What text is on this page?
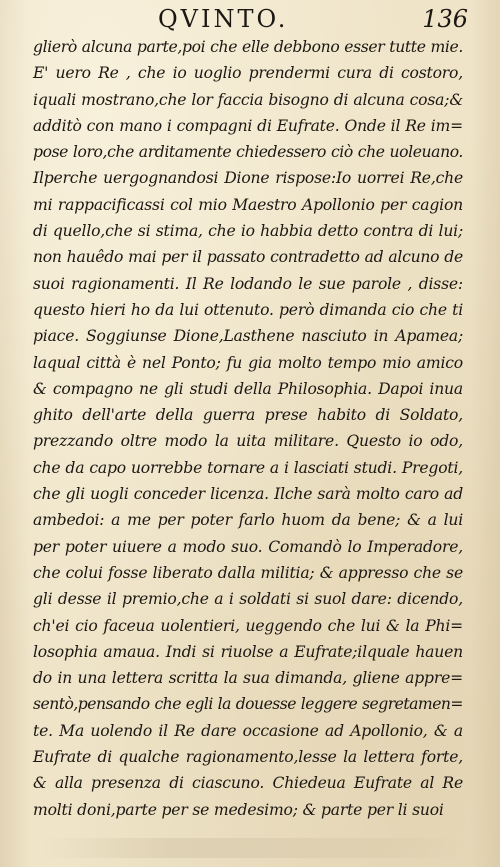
QVINTO.	136
glierò alcuna parte,poi che elle debbono esser tutte mie.
E' uero Re , che io uoglio prendermi cura di costoro,
iquali mostrano,che lor faccia bisogno di alcuna cosa;&
additò con mano i compagni di Eufrate. Onde il Re im=
pose loro,che arditamente chiedessero ciò che uoleuano.
Ilperche uergognandosi Dione rispose:Io uorrei Re,che
mi rappacificassi col mio Maestro Apollonio per cagion
di quello,che si stima, che io habbia detto contra di lui;
non hauêdo mai per il passato contradetto ad alcuno de
suoi ragionamenti. Il Re lodando le sue parole , disse:
questo hieri ho da lui ottenuto. però dimanda cio che ti
piace. Soggiunse Dione,Lasthene nasciuto in Apamea;
laqual città è nel Ponto; fu gia molto tempo mio amico
& compagno ne gli studi della Philosophia. Dapoi inua
ghito dell'arte della guerra prese habito di Soldato,
prezzando oltre modo la uita militare. Questo io odo,
che da capo uorrebbe tornare a i lasciati studi. Pregoti,
che gli uogli conceder licenza. Ilche sarà molto caro ad
ambedoi: a me per poter farlo huom da bene; & a lui
per poter uiuere a modo suo. Comandò lo Imperadore,
che colui fosse liberato dalla militia; & appresso che se
gli desse il premio,che a i soldati si suol dare: dicendo,
ch'ei cio faceua uolentieri, ueggendo che lui & la Phi=
losophia amaua. Indi si riuolse a Eufrate;ilquale hauen
do in una lettera scritta la sua dimanda, gliene appre=
sentò,pensando che egli la douesse leggere segretamen=
te. Ma uolendo il Re dare occasione ad Apollonio, & a
Eufrate di qualche ragionamento,lesse la lettera forte,
& alla presenza di ciascuno. Chiedeua Eufrate al Re
molti doni,parte per se medesimo; & parte per li suoi
